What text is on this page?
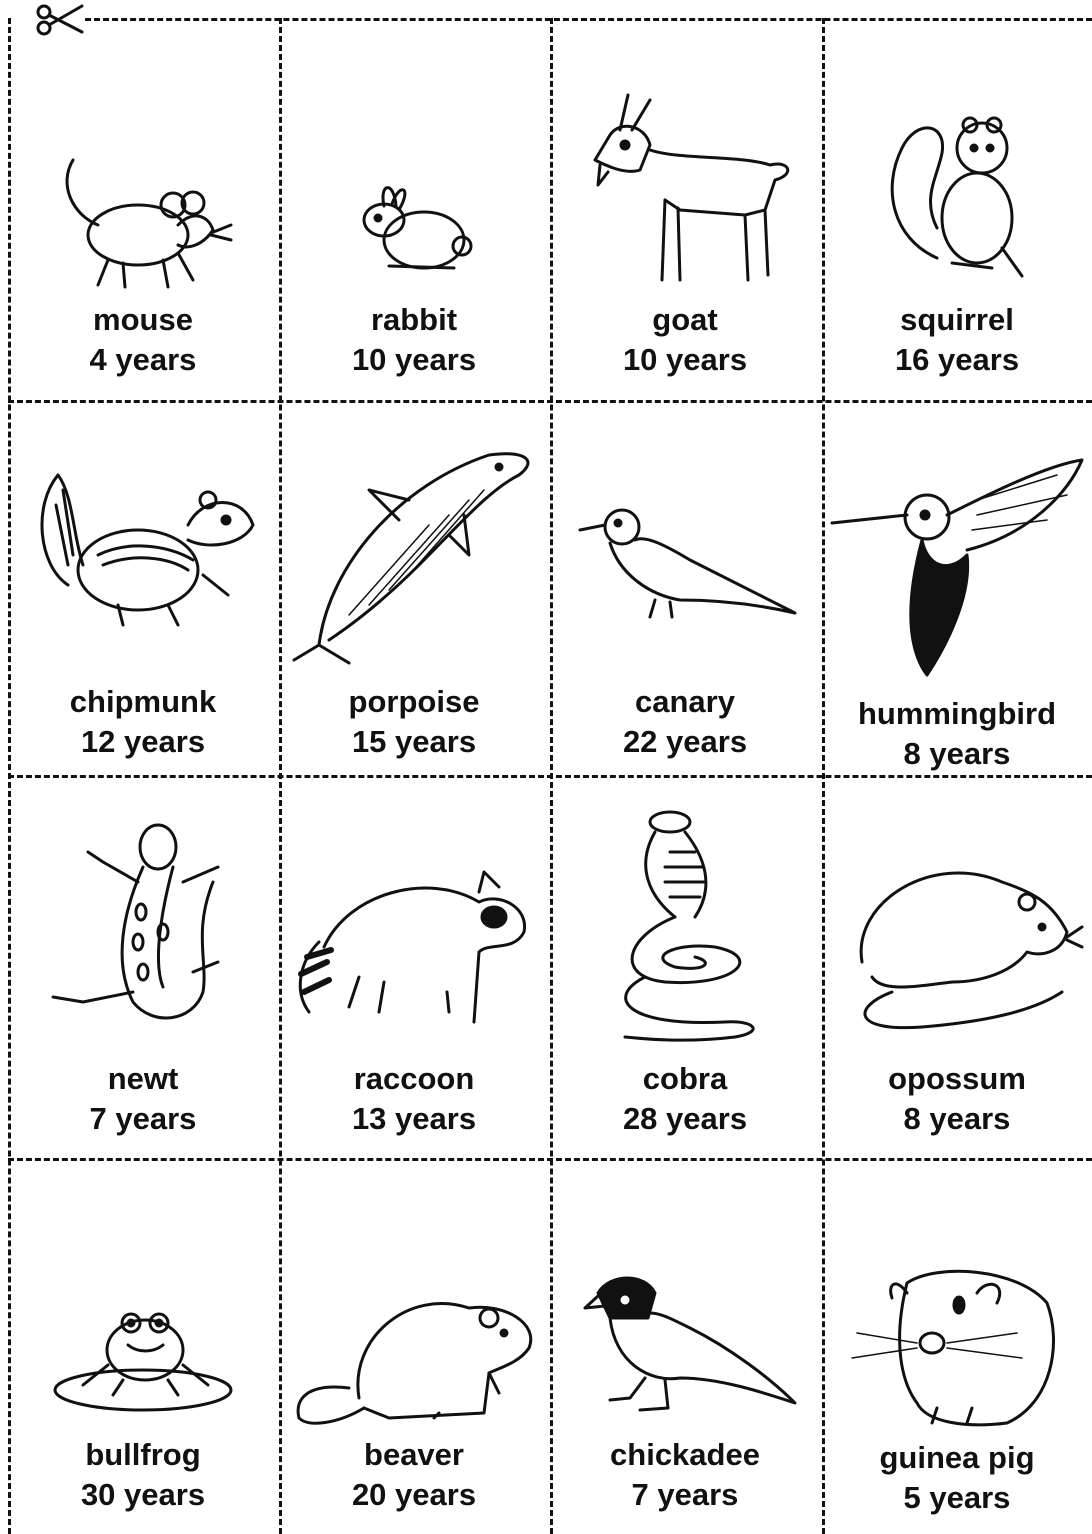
mouse
4 years
rabbit
10 years
goat
10 years
squirrel
16 years
chipmunk
12 years
porpoise
15 years
canary
22 years
hummingbird
8 years
newt
7 years
raccoon
13 years
cobra
28 years
opossum
8 years
bullfrog
30 years
beaver
20 years
chickadee
7 years
guinea pig
5 years
